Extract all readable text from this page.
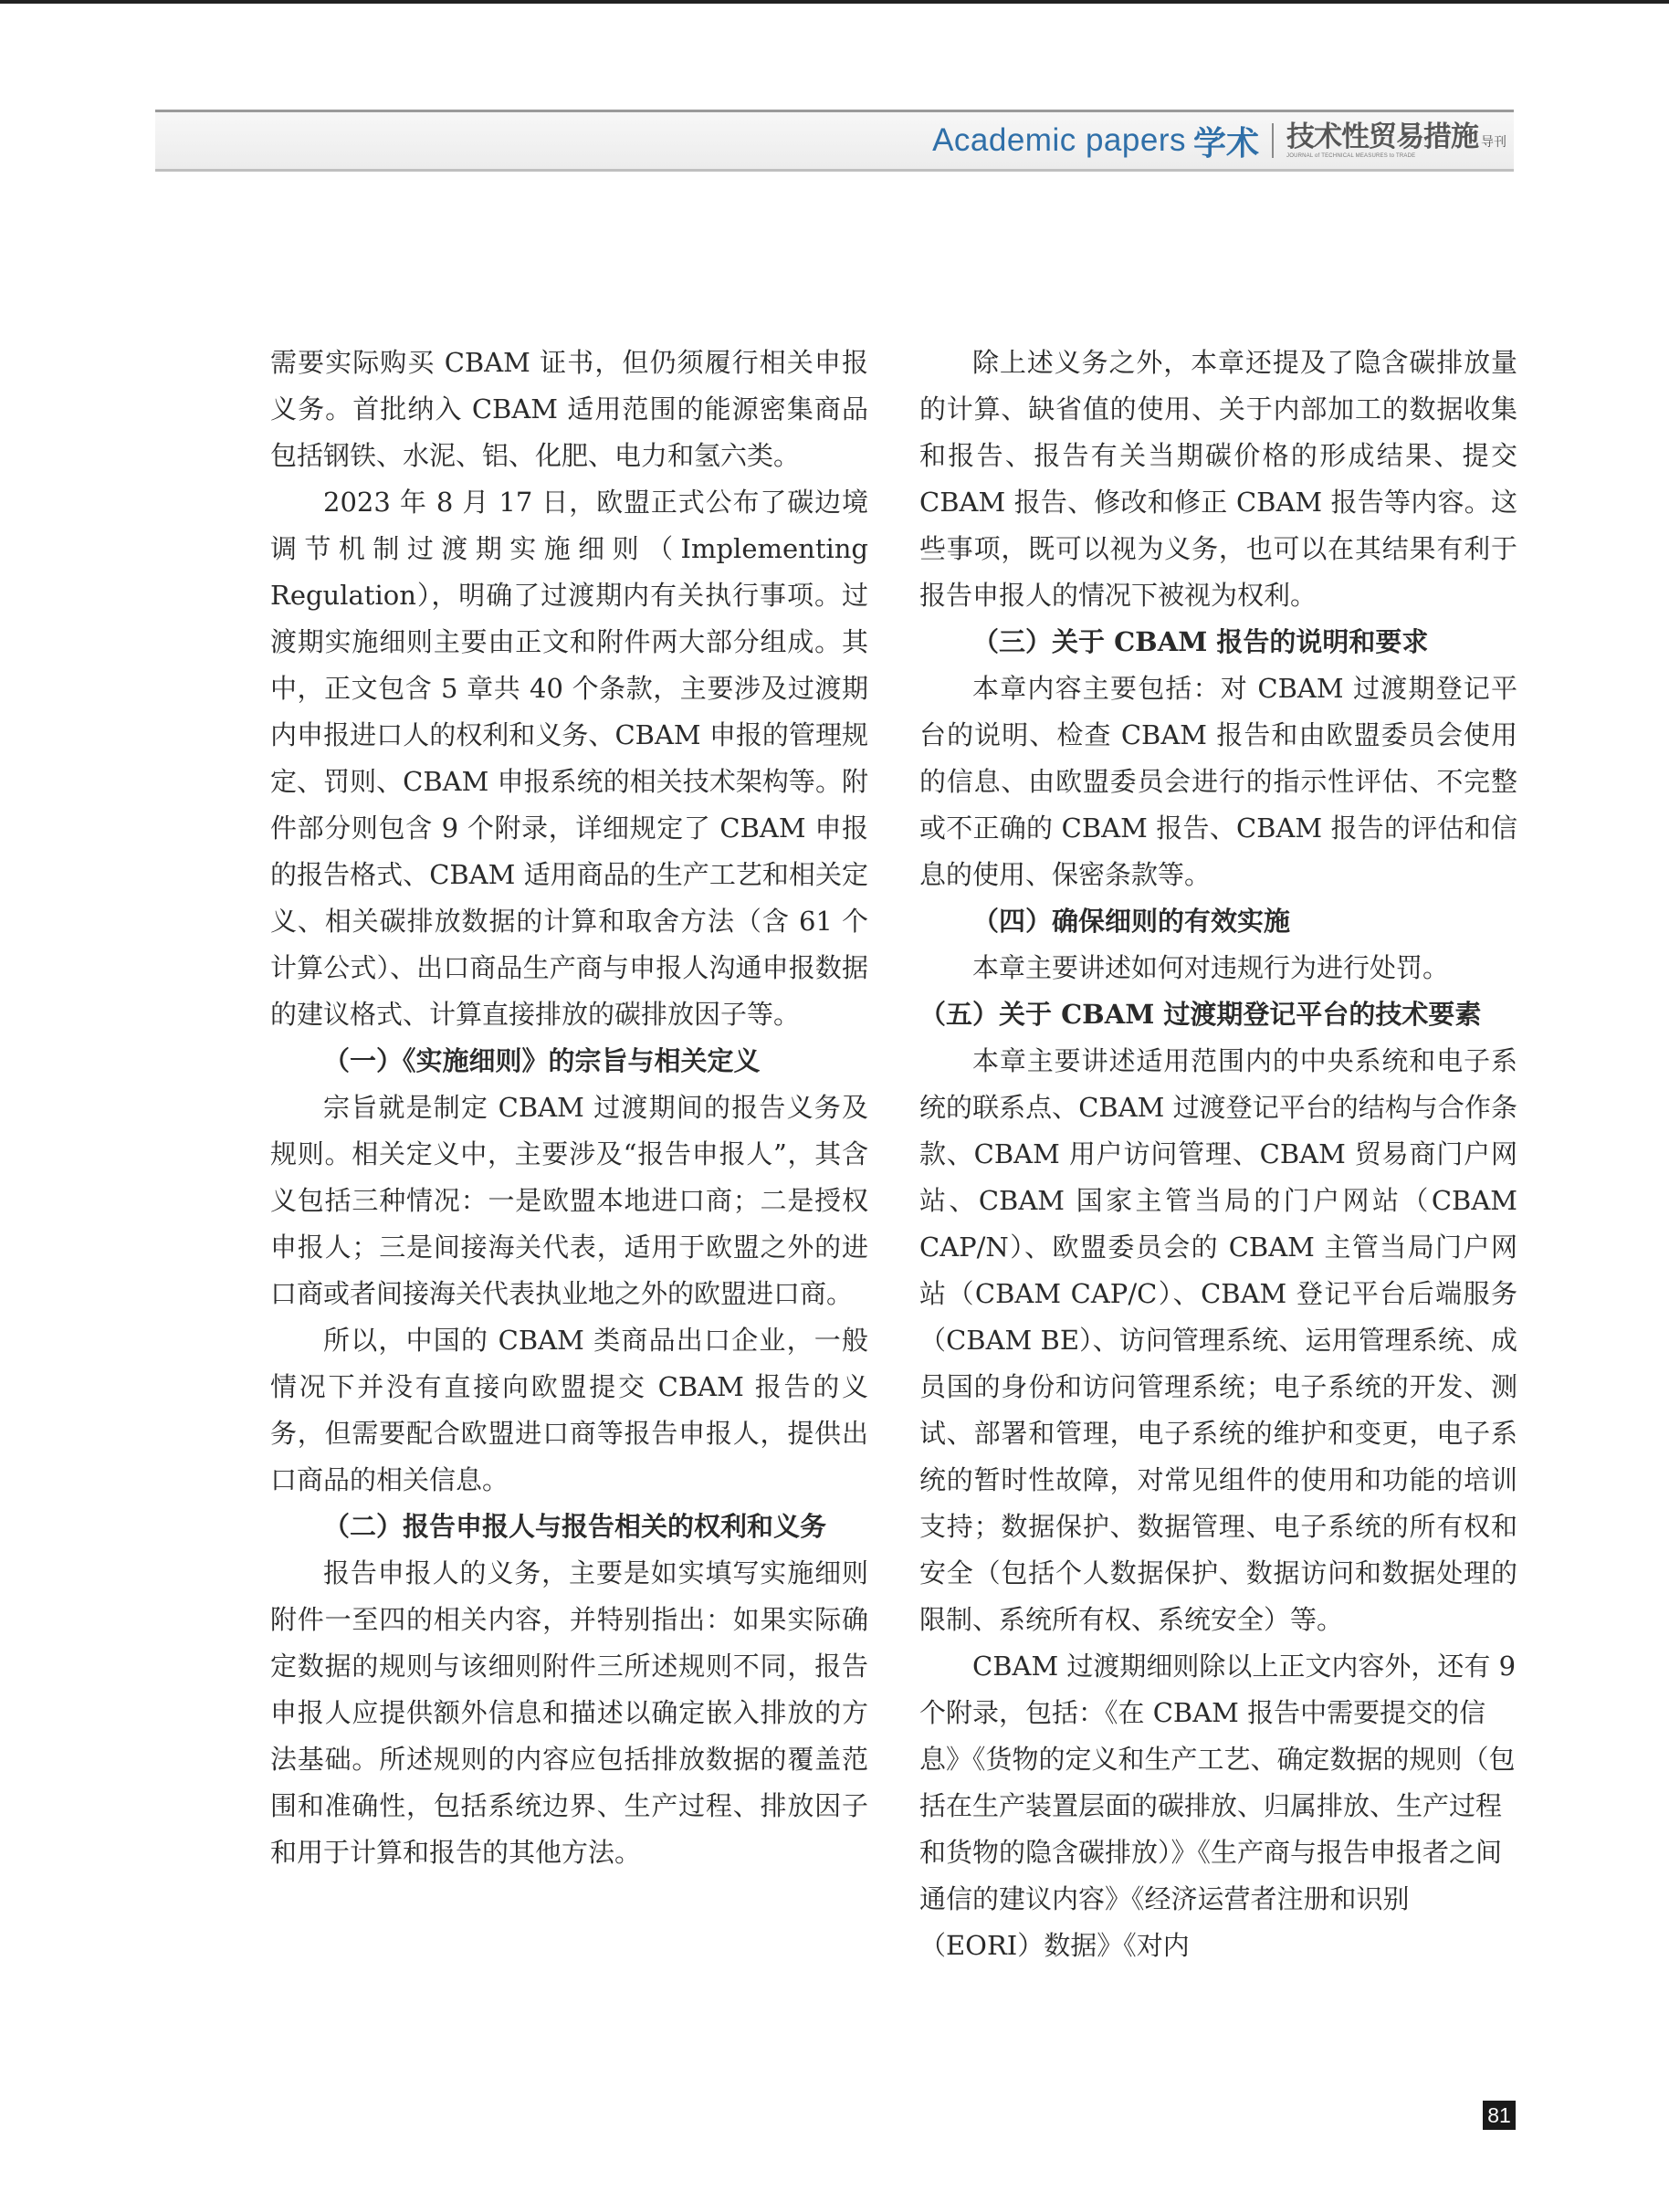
Academic papers 学术 技术性贸易措施 导刊
JOURNAL of TECHNICAL MEASURES to TRADE

需要实际购买 CBAM 证书，但仍须履行相关申报义务。首批纳入 CBAM 适用范围的能源密集商品包括钢铁、水泥、铝、化肥、电力和氢六类。

2023 年 8 月 17 日，欧盟正式公布了碳边境调节机制过渡期实施细则（Implementing Regulation），明确了过渡期内有关执行事项。过渡期实施细则主要由正文和附件两大部分组成。其中，正文包含 5 章共 40 个条款，主要涉及过渡期内申报进口人的权利和义务、CBAM 申报的管理规定、罚则、CBAM 申报系统的相关技术架构等。附件部分则包含 9 个附录，详细规定了 CBAM 申报的报告格式、CBAM 适用商品的生产工艺和相关定义、相关碳排放数据的计算和取舍方法（含 61 个计算公式）、出口商品生产商与申报人沟通申报数据的建议格式、计算直接排放的碳排放因子等。

（一）《实施细则》的宗旨与相关定义

宗旨就是制定 CBAM 过渡期间的报告义务及规则。相关定义中，主要涉及“报告申报人”，其含义包括三种情况：一是欧盟本地进口商；二是授权申报人；三是间接海关代表，适用于欧盟之外的进口商或者间接海关代表执业地之外的欧盟进口商。

所以，中国的 CBAM 类商品出口企业，一般情况下并没有直接向欧盟提交 CBAM 报告的义务，但需要配合欧盟进口商等报告申报人，提供出口商品的相关信息。

（二）报告申报人与报告相关的权利和义务

报告申报人的义务，主要是如实填写实施细则附件一至四的相关内容，并特别指出：如果实际确定数据的规则与该细则附件三所述规则不同，报告申报人应提供额外信息和描述以确定嵌入排放的方法基础。所述规则的内容应包括排放数据的覆盖范围和准确性，包括系统边界、生产过程、排放因子和用于计算和报告的其他方法。

除上述义务之外，本章还提及了隐含碳排放量的计算、缺省值的使用、关于内部加工的数据收集和报告、报告有关当期碳价格的形成结果、提交 CBAM 报告、修改和修正 CBAM 报告等内容。这些事项，既可以视为义务，也可以在其结果有利于报告申报人的情况下被视为权利。

（三）关于 CBAM 报告的说明和要求

本章内容主要包括：对 CBAM 过渡期登记平台的说明、检查 CBAM 报告和由欧盟委员会使用的信息、由欧盟委员会进行的指示性评估、不完整或不正确的 CBAM 报告、CBAM 报告的评估和信息的使用、保密条款等。

（四）确保细则的有效实施

本章主要讲述如何对违规行为进行处罚。

（五）关于 CBAM 过渡期登记平台的技术要素

本章主要讲述适用范围内的中央系统和电子系统的联系点、CBAM 过渡登记平台的结构与合作条款、CBAM 用户访问管理、CBAM 贸易商门户网站、CBAM 国家主管当局的门户网站（CBAM CAP/N）、欧盟委员会的 CBAM 主管当局门户网站（CBAM CAP/C）、CBAM 登记平台后端服务（CBAM BE）、访问管理系统、运用管理系统、成员国的身份和访问管理系统；电子系统的开发、测试、部署和管理，电子系统的维护和变更，电子系统的暂时性故障，对常见组件的使用和功能的培训支持；数据保护、数据管理、电子系统的所有权和安全（包括个人数据保护、数据访问和数据处理的限制、系统所有权、系统安全）等。

CBAM 过渡期细则除以上正文内容外，还有 9 个附录，包括：《在 CBAM 报告中需要提交的信息》《货物的定义和生产工艺、确定数据的规则（包括在生产装置层面的碳排放、归属排放、生产过程和货物的隐含碳排放）》《生产商与报告申报者之间通信的建议内容》《经济运营者注册和识别（EORI）数据》《对内

81
